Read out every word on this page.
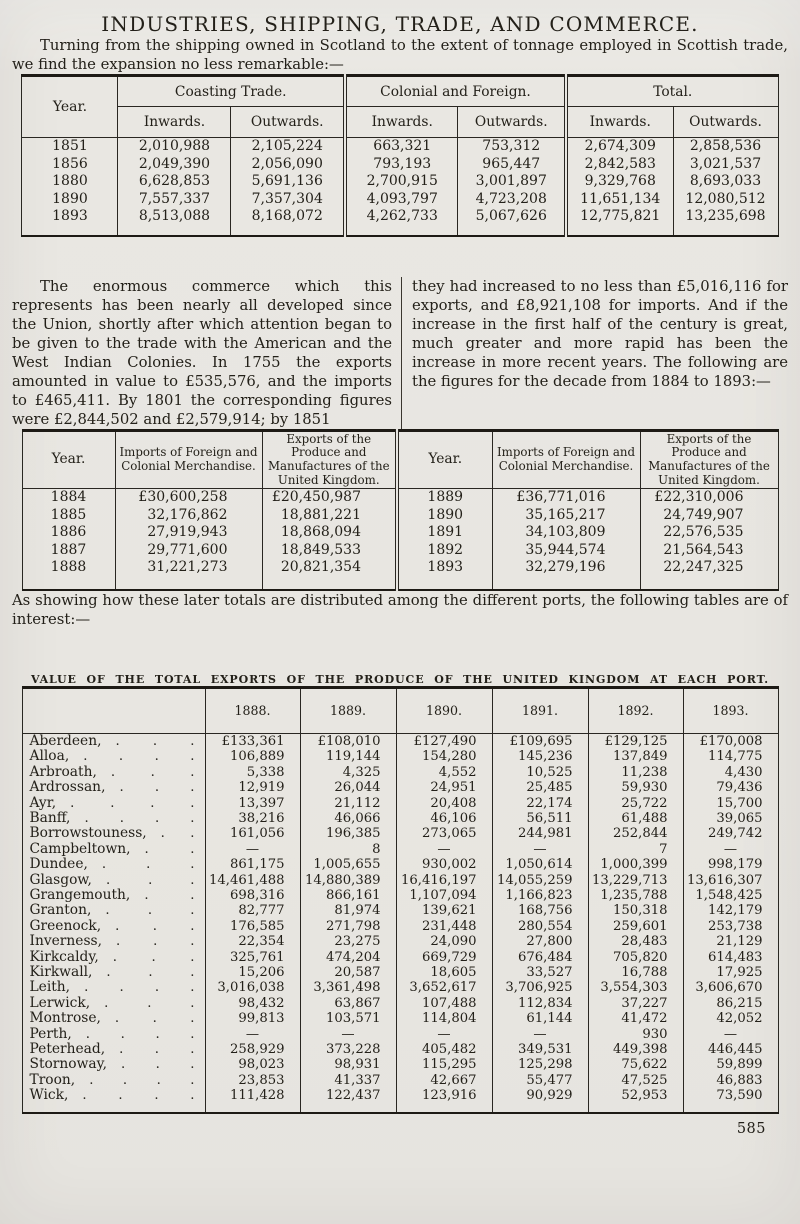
INDUSTRIES, SHIPPING, TRADE, AND COMMERCE.

Turning from the shipping owned in Scotland to the extent of tonnage employed in Scottish trade, we find the expansion no less remarkable:—

Year.	Coasting Trade.		Colonial and Foreign.		Total.	
	Inwards.	Outwards.	Inwards.	Outwards.	Inwards.	Outwards.
1851	2,010,988	2,105,224	663,321	753,312	2,674,309	2,858,536
1856	2,049,390	2,056,090	793,193	965,447	2,842,583	3,021,537
1880	6,628,853	5,691,136	2,700,915	3,001,897	9,329,768	8,693,033
1890	7,557,337	7,357,304	4,093,797	4,723,208	11,651,134	12,080,512
1893	8,513,088	8,168,072	4,262,733	5,067,626	12,775,821	13,235,698

The enormous commerce which this represents has been nearly all developed since the Union, shortly after which attention began to be given to the trade with the American and the West Indian Colonies. In 1755 the exports amounted in value to £535,576, and the imports to £465,411. By 1801 the corresponding figures were £2,844,502 and £2,579,914; by 1851

they had increased to no less than £5,016,116 for exports, and £8,921,108 for imports. And if the increase in the first half of the century is great, much greater and more rapid has been the increase in more recent years. The following are the figures for the decade from 1884 to 1893:—

Year.	Imports of Foreign and Colonial Merchandise.	Exports of the Produce and Manufactures of the United Kingdom.	Year.	Imports of Foreign and Colonial Merchandise.	Exports of the Produce and Manufactures of the United Kingdom.
1884	£30,600,258	£20,450,987	1889	£36,771,016	£22,310,006
1885	32,176,862	18,881,221	1890	35,165,217	24,749,907
1886	27,919,943	18,868,094	1891	34,103,809	22,576,535
1887	29,771,600	18,849,533	1892	35,944,574	21,564,543
1888	31,221,273	20,821,354	1893	32,279,196	22,247,325

As showing how these later totals are distributed among the different ports, the following tables are of interest:—

VALUE OF THE TOTAL EXPORTS OF THE PRODUCE OF THE UNITED KINGDOM AT EACH PORT.
	1888.	1889.	1890.	1891.	1892.	1893.

Aberdeen, . . .	£133,361	£108,010	£127,490	£109,695	£129,125	£170,008

Alloa, . . . .	106,889	119,144	154,280	145,236	137,849	114,775

Arbroath, . . .	5,338	4,325	4,552	10,525	11,238	4,430

Ardrossan, . . .	12,919	26,044	24,951	25,485	59,930	79,436

Ayr, . . . .	13,397	21,112	20,408	22,174	25,722	15,700

Banff, . . . .	38,216	46,066	46,106	56,511	61,488	39,065

Borrowstouness, . .	161,056	196,385	273,065	244,981	252,844	249,742

Campbeltown, . .	—	8	—	—	7	—

Dundee, . . .	861,175	1,005,655	930,002	1,050,614	1,000,399	998,179

Glasgow, . . .	14,461,488	14,880,389	16,416,197	14,055,259	13,229,713	13,616,307

Grangemouth, . .	698,316	866,161	1,107,094	1,166,823	1,235,788	1,548,425

Granton, . . .	82,777	81,974	139,621	168,756	150,318	142,179

Greenock, . . .	176,585	271,798	231,448	280,554	259,601	253,738

Inverness, . . .	22,354	23,275	24,090	27,800	28,483	21,129

Kirkcaldy, . . .	325,761	474,204	669,729	676,484	705,820	614,483

Kirkwall, . . .	15,206	20,587	18,605	33,527	16,788	17,925

Leith, . . . .	3,016,038	3,361,498	3,652,617	3,706,925	3,554,303	3,606,670

Lerwick, . . .	98,432	63,867	107,488	112,834	37,227	86,215

Montrose, . . .	99,813	103,571	114,804	61,144	41,472	42,052

Perth, . . . .	—	—	—	—	930	—

Peterhead, . . .	258,929	373,228	405,482	349,531	449,398	446,445

Stornoway, . . .	98,023	98,931	115,295	125,298	75,622	59,899

Troon, . . . .	23,853	41,337	42,667	55,477	47,525	46,883

Wick, . . . .	111,428	122,437	123,916	90,929	52,953	73,590
585
